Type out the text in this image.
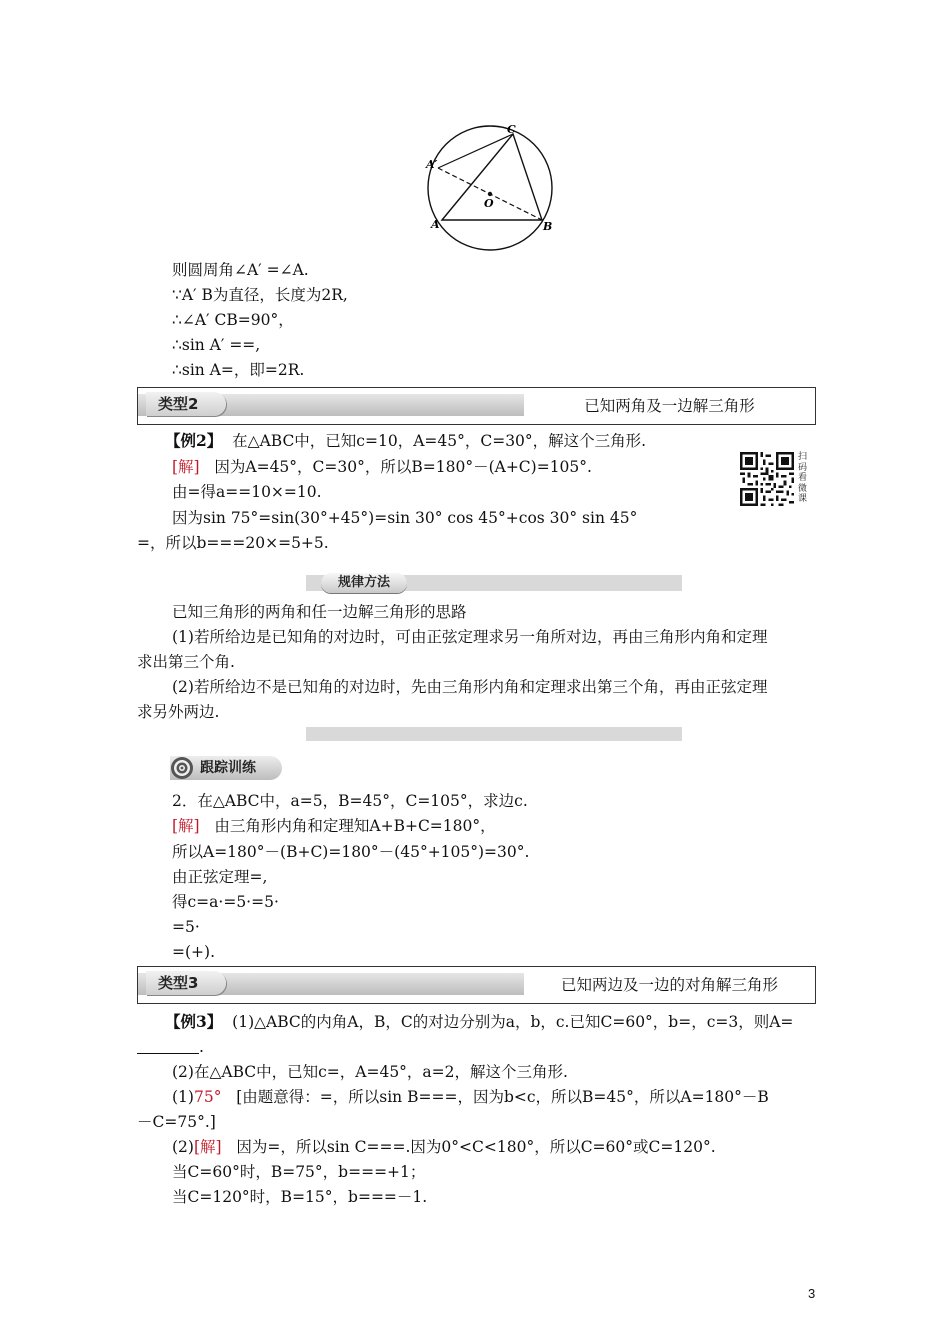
C
A′
O
A	B
则圆周角∠A′ =∠A.
∵A′ B为直径，长度为2R,
∴∠A′ CB=90°，
∴sin A′ ==,
∴sin A=，即=2R.
类型2	已知两角及一边解三角形
【例2】 在△ABC中，已知c=10，A=45°，C=30°，解这个三角形.
[解] 因为A=45°，C=30°，所以B=180°－(A+C)=105°.
由=得a==10×=10.
因为sin 75°=sin(30°+45°)=sin 30° cos 45°+cos 30° sin 45°
=，所以b===20×=5+5.
扫
码
看
微
课
规律方法
已知三角形的两角和任一边解三角形的思路
(1)若所给边是已知角的对边时，可由正弦定理求另一角所对边，再由三角形内角和定理
求出第三个角.
(2)若所给边不是已知角的对边时，先由三角形内角和定理求出第三个角，再由正弦定理
求另外两边.
跟踪训练
2．在△ABC中，a=5，B=45°，C=105°，求边c.
[解] 由三角形内角和定理知A+B+C=180°，
所以A=180°－(B+C)=180°－(45°+105°)=30°.
由正弦定理=,
得c=a·=5·=5·
=5·
=(+).
类型3	已知两边及一边的对角解三角形
【例3】 (1)△ABC的内角A，B，C的对边分别为a，b，c.已知C=60°，b=，c=3，则A=
.
(2)在△ABC中，已知c=，A=45°，a=2，解这个三角形.
(1)75° [由题意得：=，所以sin B===，因为b<c，所以B=45°，所以A=180°－B
－C=75°.]
(2)[解] 因为=，所以sin C===.因为0°<C<180°，所以C=60°或C=120°.
当C=60°时，B=75°，b===+1；
当C=120°时，B=15°，b===－1.
3
